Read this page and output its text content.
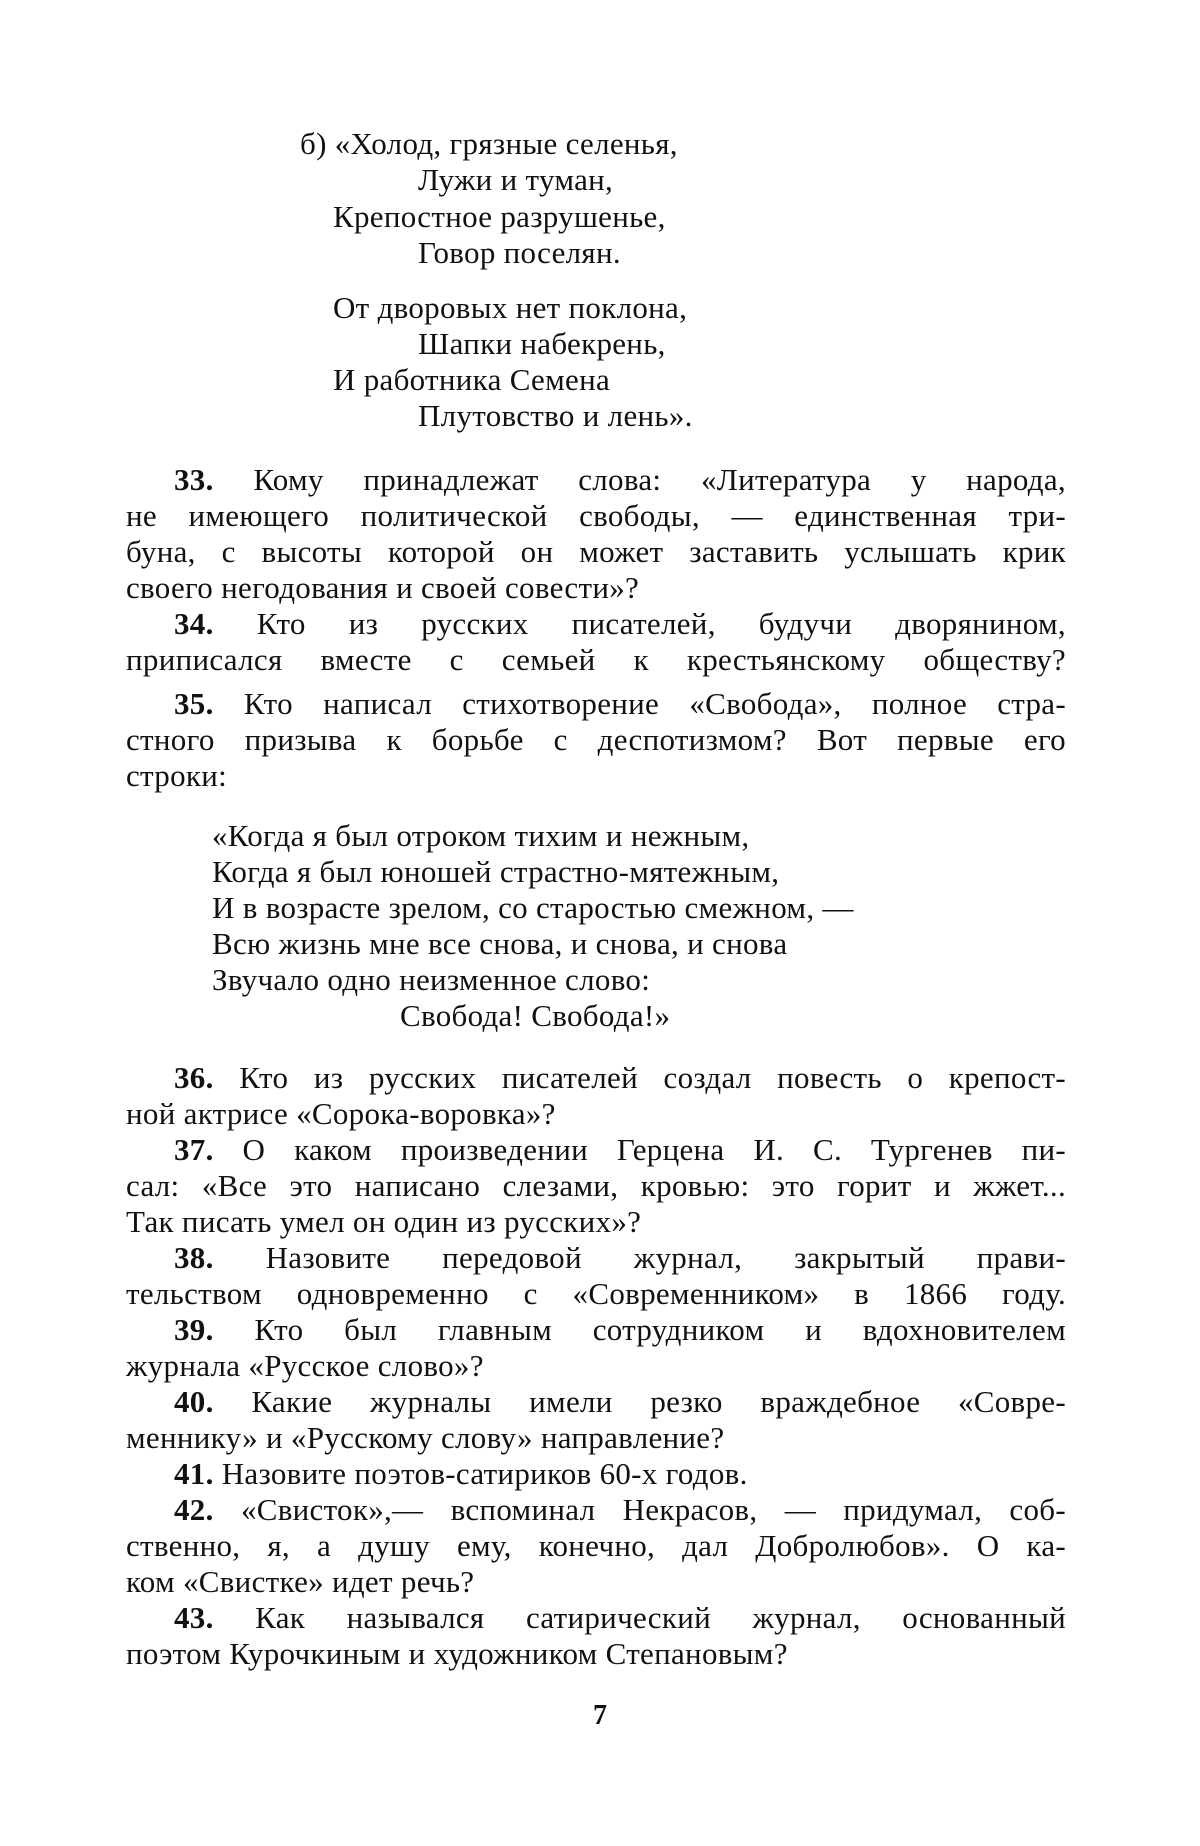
б) «Холод, грязные селенья,
Лужи и туман,
Крепостное разрушенье,
Говор поселян.
От дворовых нет поклона,
Шапки набекрень,
И работника Семена
Плутовство и лень».
33. Кому принадлежат слова: «Литература у народа,
не имеющего политической свободы, — единственная три-
буна, с высоты которой он может заставить услышать крик
своего негодования и своей совести»?
34. Кто из русских писателей, будучи дворянином,
приписался вместе с семьей к крестьянскому обществу?
35. Кто написал стихотворение «Свобода», полное стра-
стного призыва к борьбе с деспотизмом? Вот первые его
строки:
«Когда я был отроком тихим и нежным,
Когда я был юношей страстно-мятежным,
И в возрасте зрелом, со старостью смежном, —
Всю жизнь мне все снова, и снова, и снова
Звучало одно неизменное слово:
Свобода! Свобода!»
36. Кто из русских писателей создал повесть о крепост-
ной актрисе «Сорока-воровка»?
37. О каком произведении Герцена И. С. Тургенев пи-
сал: «Все это написано слезами, кровью: это горит и жжет...
Так писать умел он один из русских»?
38. Назовите передовой журнал, закрытый прави-
тельством одновременно с «Современником» в 1866 году.
39. Кто был главным сотрудником и вдохновителем
журнала «Русское слово»?
40. Какие журналы имели резко враждебное «Совре-
меннику» и «Русскому слову» направление?
41. Назовите поэтов-сатириков 60-х годов.
42. «Свисток»,— вспоминал Некрасов, — придумал, соб-
ственно, я, а душу ему, конечно, дал Добролюбов». О ка-
ком «Свистке» идет речь?
43. Как назывался сатирический журнал, основанный
поэтом Курочкиным и художником Степановым?
7
